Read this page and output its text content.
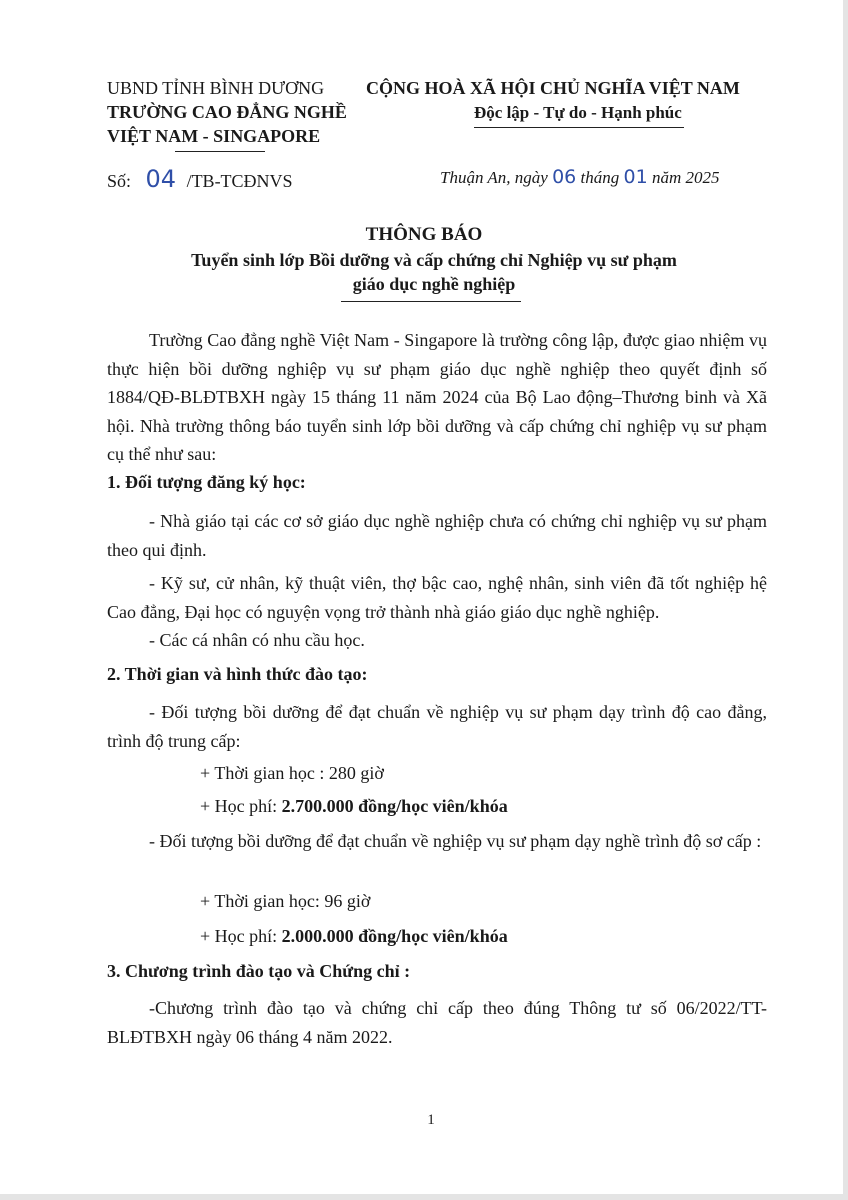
UBND TỈNH BÌNH DƯƠNG
TRƯỜNG CAO ĐẲNG NGHỀ
VIỆT NAM - SINGAPORE
CỘNG HOÀ XÃ HỘI CHỦ NGHĨA VIỆT NAM
Độc lập - Tự do - Hạnh phúc
Số: 04 /TB-TCĐNVS	Thuận An, ngày 06 tháng 01 năm 2025
THÔNG BÁO
Tuyển sinh lớp Bồi dưỡng và cấp chứng chỉ Nghiệp vụ sư phạm
giáo dục nghề nghiệp
Trường Cao đẳng nghề Việt Nam - Singapore là trường công lập, được giao nhiệm vụ thực hiện bồi dưỡng nghiệp vụ sư phạm giáo dục nghề nghiệp theo quyết định số 1884/QĐ-BLĐTBXH ngày 15 tháng 11 năm 2024 của Bộ Lao động–Thương binh và Xã hội. Nhà trường thông báo tuyển sinh lớp bồi dưỡng và cấp chứng chỉ nghiệp vụ sư phạm cụ thể như sau:
1. Đối tượng đăng ký học:
- Nhà giáo tại các cơ sở giáo dục nghề nghiệp chưa có chứng chỉ nghiệp vụ sư phạm theo qui định.
- Kỹ sư, cử nhân, kỹ thuật viên, thợ bậc cao, nghệ nhân, sinh viên đã tốt nghiệp hệ Cao đẳng, Đại học có nguyện vọng trở thành nhà giáo giáo dục nghề nghiệp.
- Các cá nhân có nhu cầu học.
2. Thời gian và hình thức đào tạo:
- Đối tượng bồi dưỡng để đạt chuẩn về nghiệp vụ sư phạm dạy trình độ cao đẳng, trình độ trung cấp:
+ Thời gian học : 280 giờ
+ Học phí: 2.700.000 đồng/học viên/khóa
- Đối tượng bồi dưỡng để đạt chuẩn về nghiệp vụ sư phạm dạy nghề trình độ sơ cấp :
+ Thời gian học: 96 giờ
+ Học phí: 2.000.000 đồng/học viên/khóa
3. Chương trình đào tạo và Chứng chỉ :
-Chương trình đào tạo và chứng chỉ cấp theo đúng Thông tư số 06/2022/TT-BLĐTBXH ngày 06 tháng 4 năm 2022.
1
